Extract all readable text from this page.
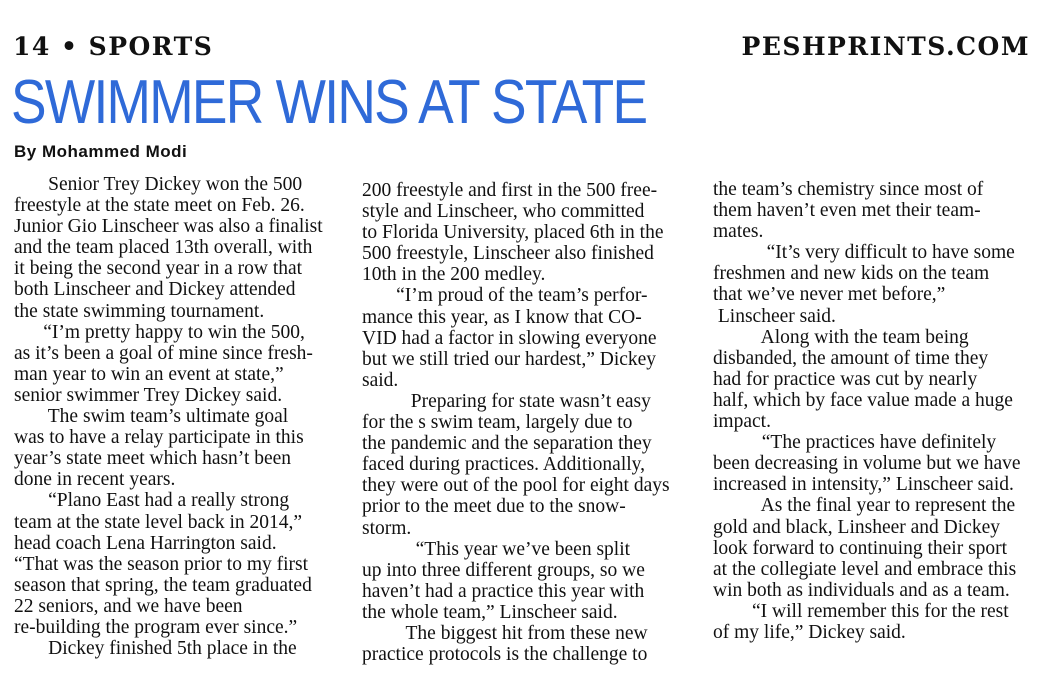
14 • SPORTS	PESHPRINTS.COM
SWIMMER WINS AT STATE
By Mohammed Modi
Senior Trey Dickey won the 500
freestyle at the state meet on Feb. 26.
Junior Gio Linscheer was also a finalist
and the team placed 13th overall, with
it being the second year in a row that
both Linscheer and Dickey attended
the state swimming tournament.
“I’m pretty happy to win the 500,
as it’s been a goal of mine since fresh-
man year to win an event at state,”
senior swimmer Trey Dickey said.
The swim team’s ultimate goal
was to have a relay participate in this
year’s state meet which hasn’t been
done in recent years.
“Plano East had a really strong
team at the state level back in 2014,”
head coach Lena Harrington said.
“That was the season prior to my first
season that spring, the team graduated
22 seniors, and we have been
re-building the program ever since.”
Dickey finished 5th place in the
200 freestyle and first in the 500 free-
style and Linscheer, who committed
to Florida University, placed 6th in the
500 freestyle, Linscheer also finished
10th in the 200 medley.
“I’m proud of the team’s perfor-
mance this year, as I know that CO-
VID had a factor in slowing everyone
but we still tried our hardest,” Dickey
said.
Preparing for state wasn’t easy
for the s swim team, largely due to
the pandemic and the separation they
faced during practices. Additionally,
they were out of the pool for eight days
prior to the meet due to the snow-
storm.
“This year we’ve been split
up into three different groups, so we
haven’t had a practice this year with
the whole team,” Linscheer said.
The biggest hit from these new
practice protocols is the challenge to
the team’s chemistry since most of
them haven’t even met their team-
mates.
“It’s very difficult to have some
freshmen and new kids on the team
that we’ve never met before,”
Linscheer said.
Along with the team being
disbanded, the amount of time they
had for practice was cut by nearly
half, which by face value made a huge
impact.
“The practices have definitely
been decreasing in volume but we have
increased in intensity,” Linscheer said.
As the final year to represent the
gold and black, Linsheer and Dickey
look forward to continuing their sport
at the collegiate level and embrace this
win both as individuals and as a team.
“I will remember this for the rest
of my life,” Dickey said.
